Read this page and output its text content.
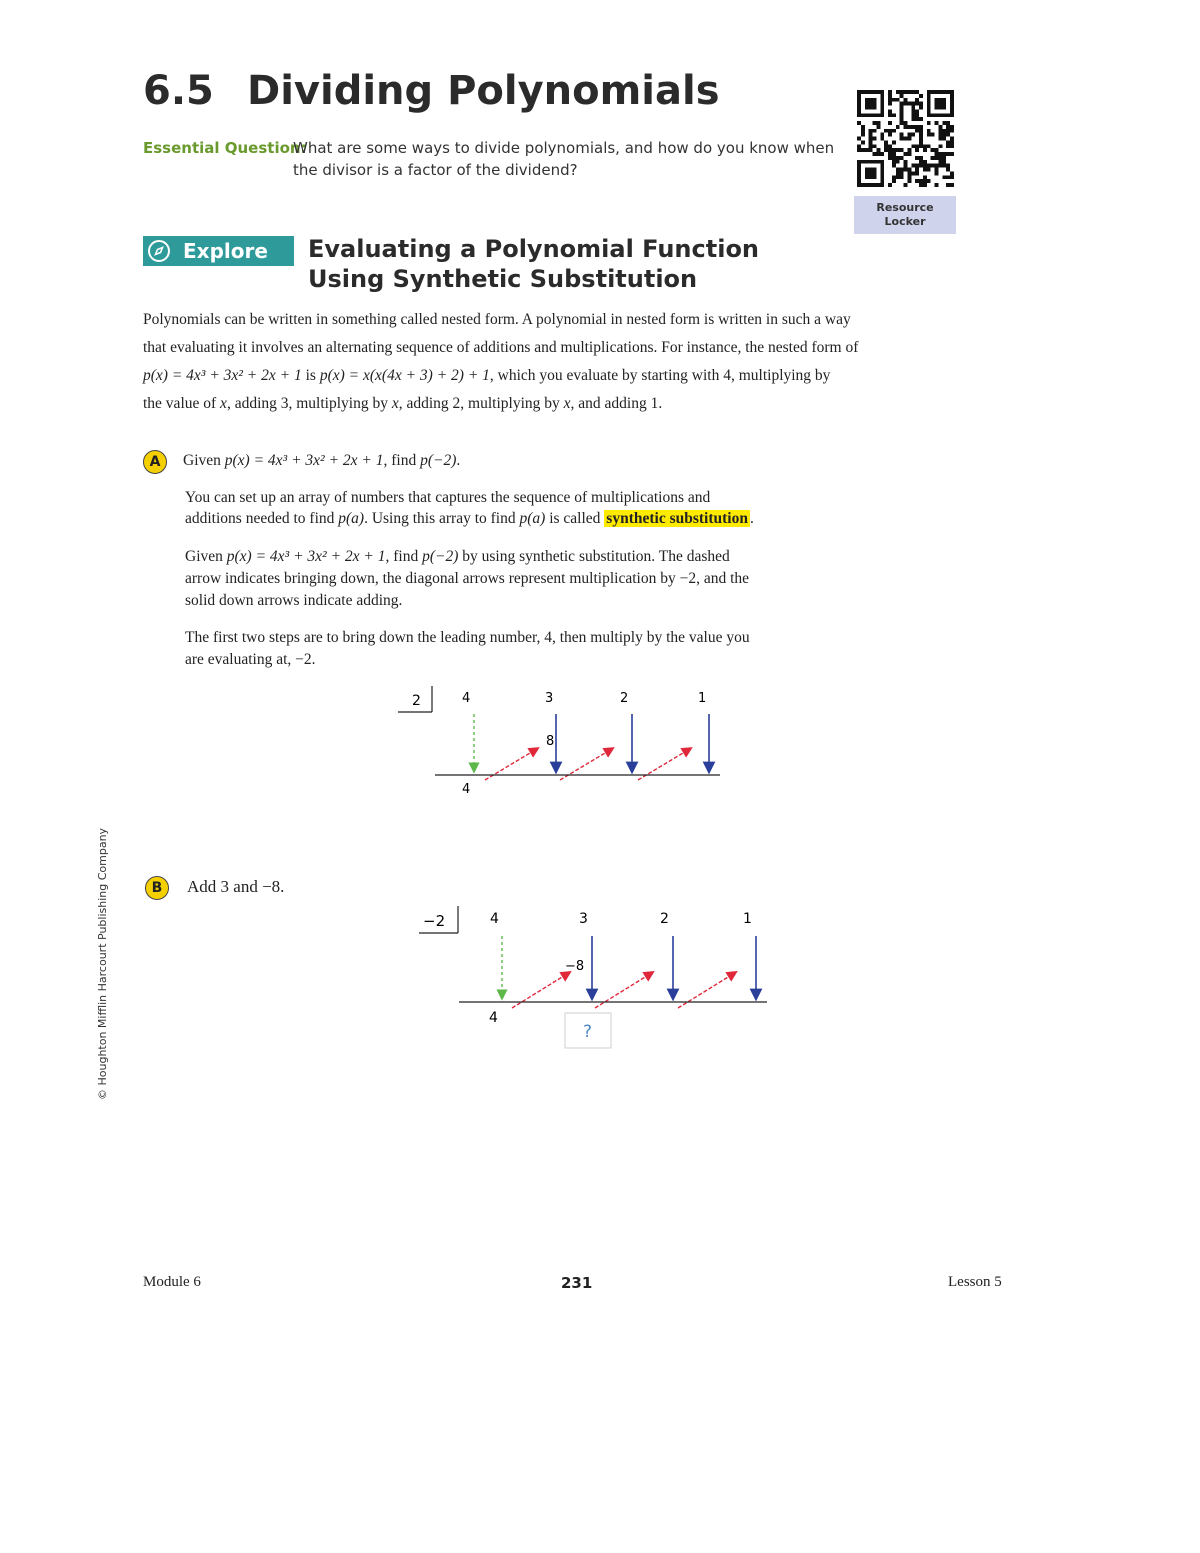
6.5 Dividing Polynomials
Essential Question:
What are some ways to divide polynomials, and how do you know when
the divisor is a factor of the dividend?
Resource
Locker
Explore Evaluating a Polynomial Function
Using Synthetic Substitution
Polynomials can be written in something called nested form. A polynomial in nested form is written in such a way
that evaluating it involves an alternating sequence of additions and multiplications. For instance, the nested form of
p(x) = 4x³ + 3x² + 2x + 1 is p(x) = x(x(4x + 3) + 2) + 1, which you evaluate by starting with 4, multiplying by
the value of x, adding 3, multiplying by x, adding 2, multiplying by x, and adding 1.
A	Given p(x) = 4x³ + 3x² + 2x + 1, find p(−2).
You can set up an array of numbers that captures the sequence of multiplications and
additions needed to find p(a). Using this array to find p(a) is called synthetic substitution .
Given p(x) = 4x³ + 3x² + 2x + 1, find p(−2) by using synthetic substitution. The dashed
arrow indicates bringing down, the diagonal arrows represent multiplication by −2, and the
solid down arrows indicate adding.
The first two steps are to bring down the leading number, 4, then multiply by the value you
are evaluating at, −2.
2	4	3	2	1
8
4
B	Add 3 and −8.
−2	4	3	2	1
−8
4
?
© Houghton Mifflin Harcourt Publishing Company
Module 6	231	Lesson 5
